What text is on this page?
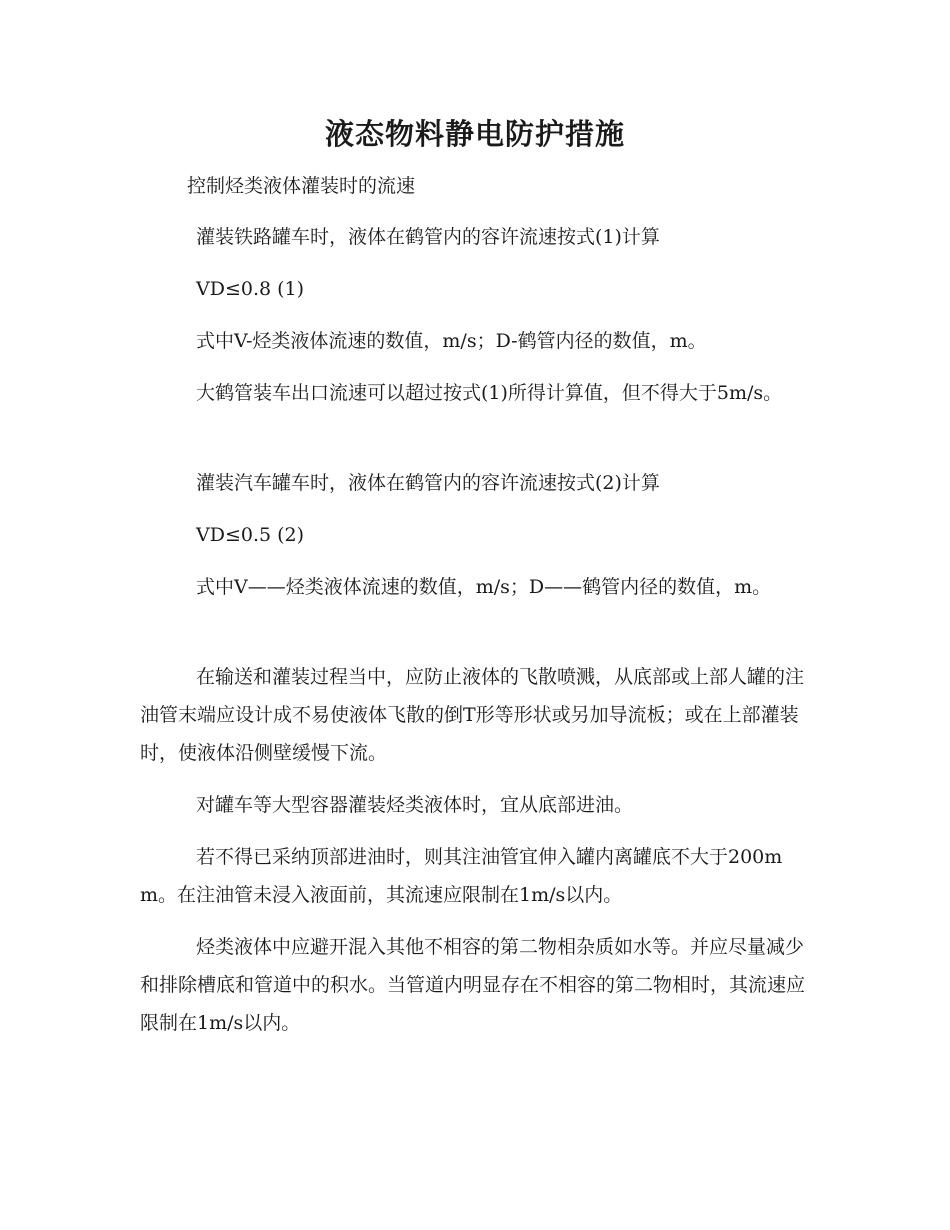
液态物料静电防护措施
控制烃类液体灌装时的流速

灌装铁路罐车时，液体在鹤管内的容许流速按式(1)计算

VD≤0.8 (1)

式中V-烃类液体流速的数值，m/s；D-鹤管内径的数值，m。

大鹤管装车出口流速可以超过按式(1)所得计算值，但不得大于5m/s。

灌装汽车罐车时，液体在鹤管内的容许流速按式(2)计算

VD≤0.5 (2)

式中V——烃类液体流速的数值，m/s；D——鹤管内径的数值，m。

在输送和灌装过程当中，应防止液体的飞散喷溅，从底部或上部人罐的注油管末端应设计成不易使液体飞散的倒T形等形状或另加导流板；或在上部灌装时，使液体沿侧壁缓慢下流。

对罐车等大型容器灌装烃类液体时，宜从底部进油。

若不得已采纳顶部进油时，则其注油管宜伸入罐内离罐底不大于200mm。在注油管未浸入液面前，其流速应限制在1m/s以内。

烃类液体中应避开混入其他不相容的第二物相杂质如水等。并应尽量减少和排除槽底和管道中的积水。当管道内明显存在不相容的第二物相时，其流速应限制在1m/s以内。
